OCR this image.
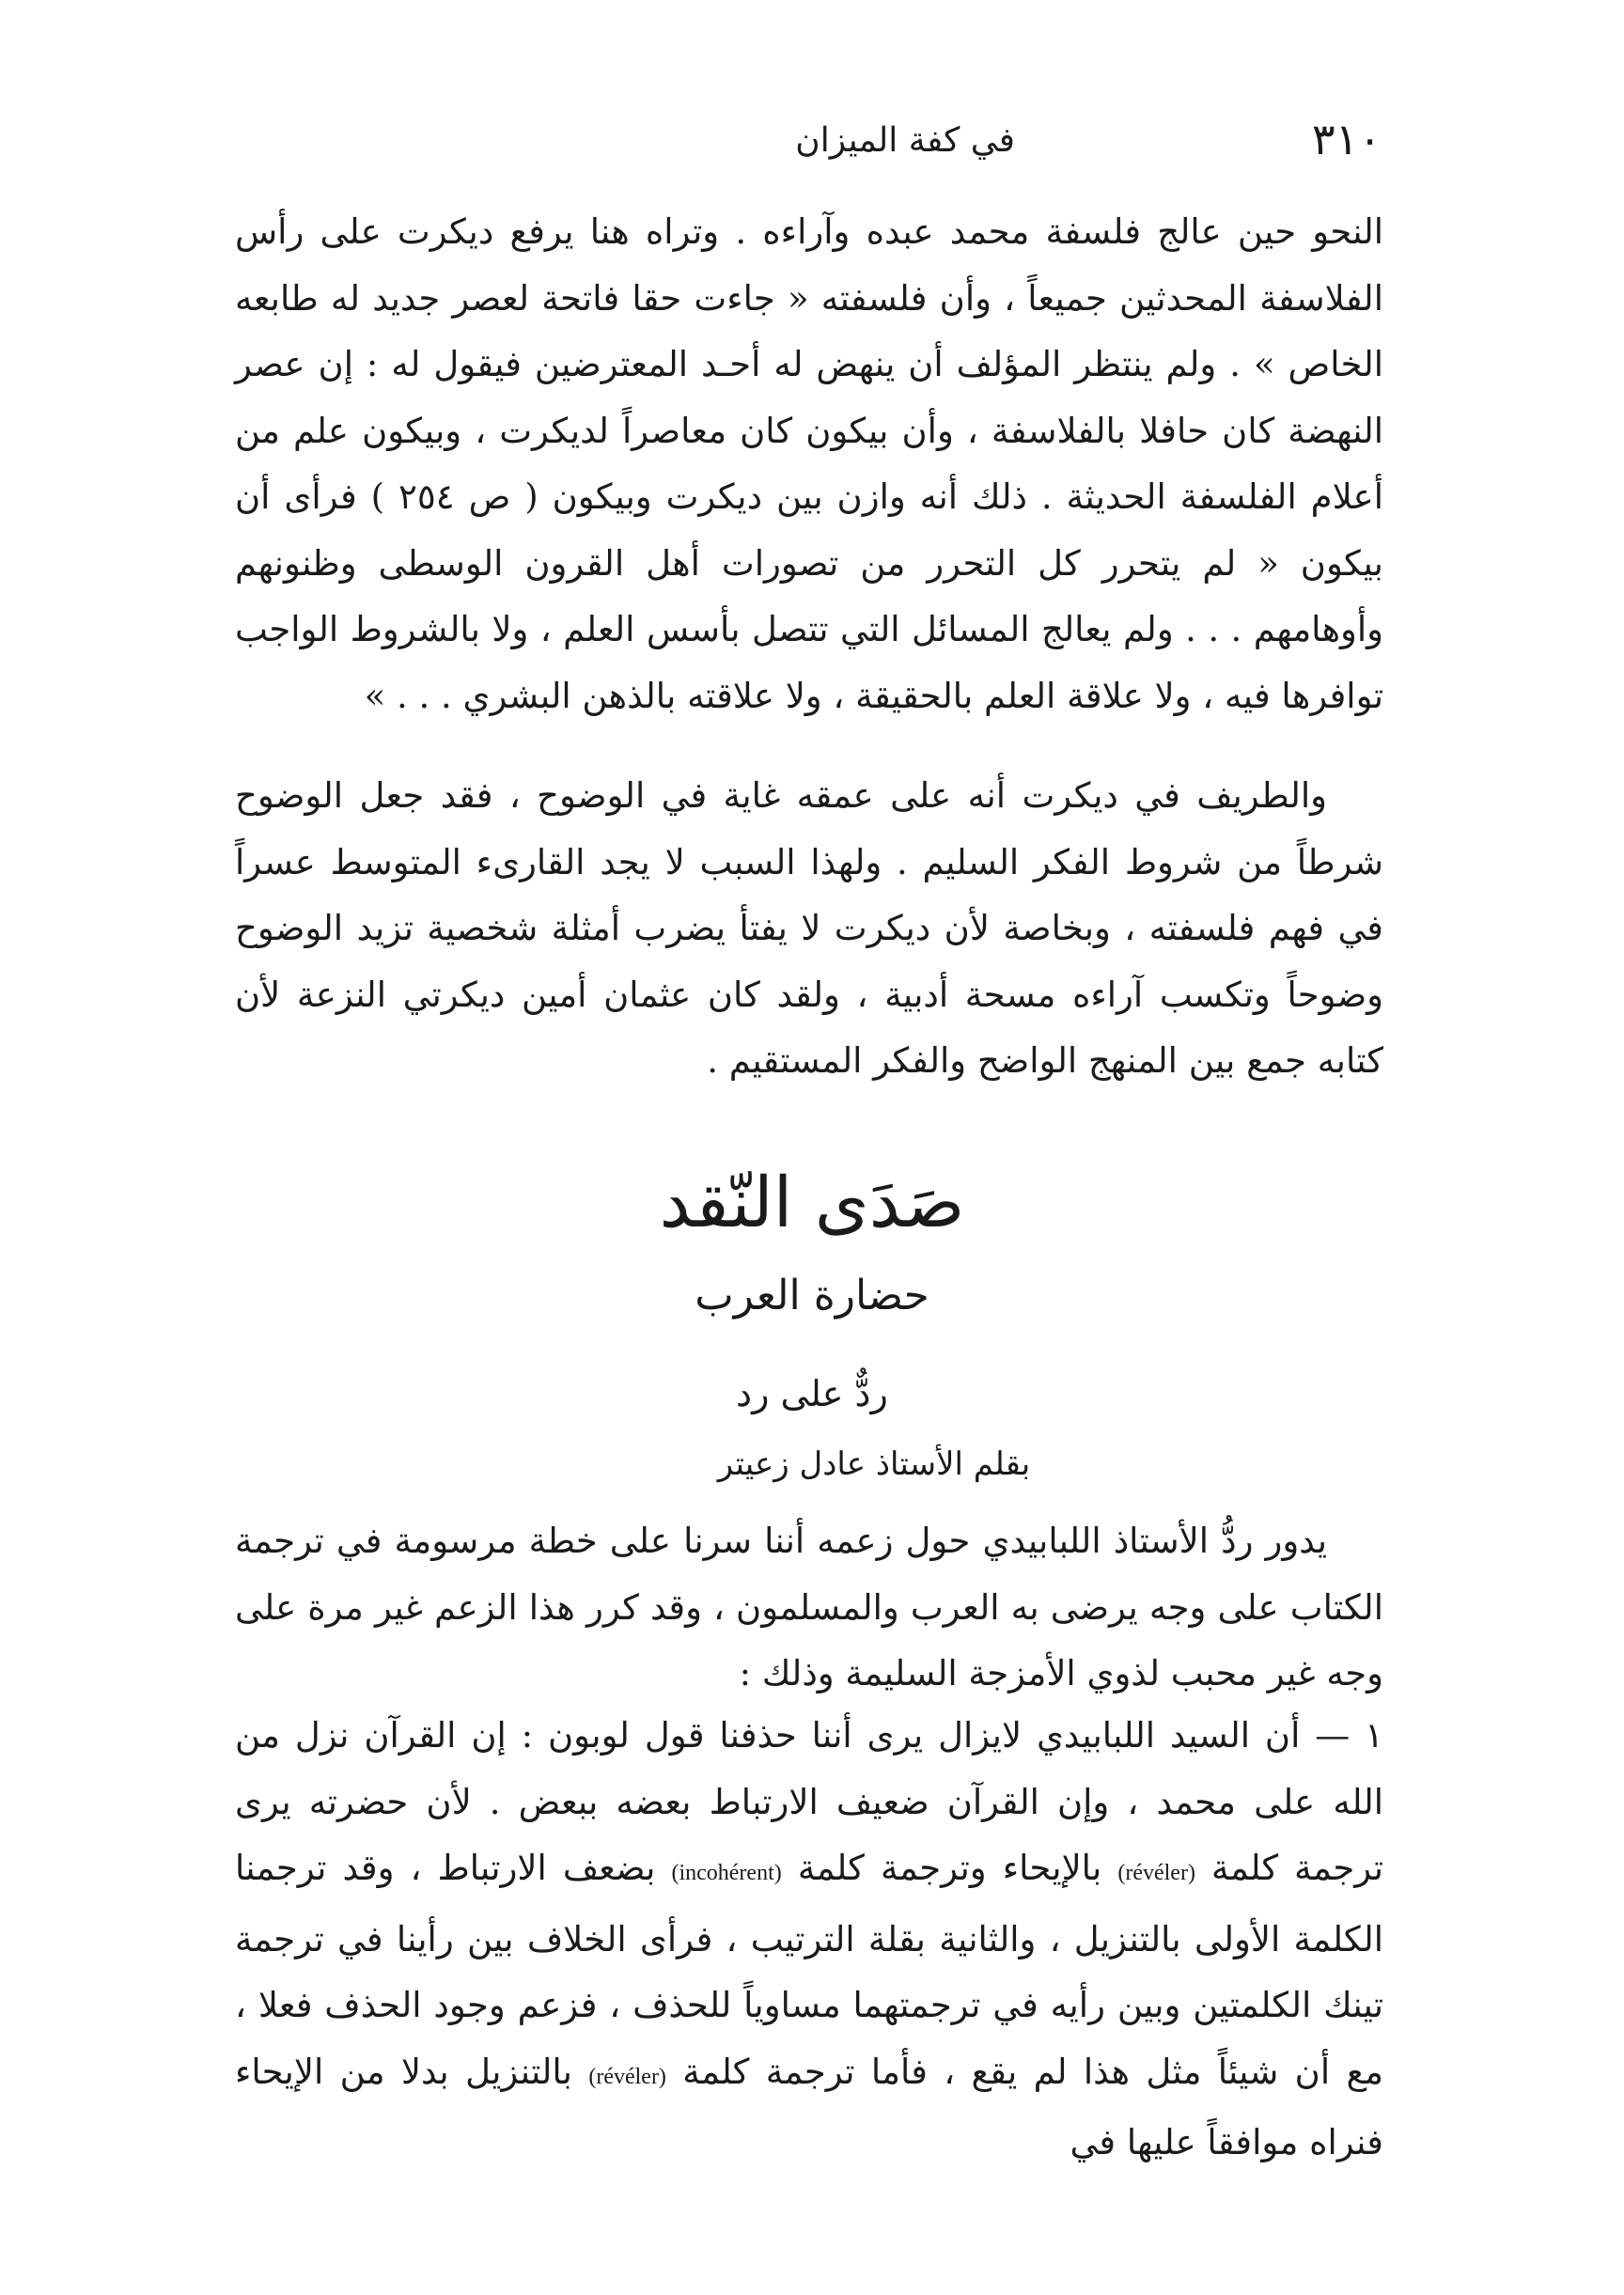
٣١٠
في كفة الميزان

النحو حين عالج فلسفة محمد عبده وآراءه . وتراه هنا يرفع ديكرت على رأس الفلاسفة المحدثين جميعاً ، وأن فلسفته « جاءت حقا فاتحة لعصر جديد له طابعه الخاص » . ولم ينتظر المؤلف أن ينهض له أحـد المعترضين فيقول له : إن عصر النهضة كان حافلا بالفلاسفة ، وأن بيكون كان معاصراً لديكرت ، وبيكون علم من أعلام الفلسفة الحديثة . ذلك أنه وازن بين ديكرت وبيكون ( ص ٢٥٤ ) فرأى أن بيكون « لم يتحرر كل التحرر من تصورات أهل القرون الوسطى وظنونهم وأوهامهم . . . ولم يعالج المسائل التي تتصل بأسس العلم ، ولا بالشروط الواجب توافرها فيه ، ولا علاقة العلم بالحقيقة ، ولا علاقته بالذهن البشري . . . »

والطريف في ديكرت أنه على عمقه غاية في الوضوح ، فقد جعل الوضوح شرطاً من شروط الفكر السليم . ولهذا السبب لا يجد القارىء المتوسط عسراً في فهم فلسفته ، وبخاصة لأن ديكرت لا يفتأ يضرب أمثلة شخصية تزيد الوضوح وضوحاً وتكسب آراءه مسحة أدبية ، ولقد كان عثمان أمين ديكرتي النزعة لأن كتابه جمع بين المنهج الواضح والفكر المستقيم .

صَدَى النّقد
حضارة العرب
ردٌّ على رد
بقلم الأستاذ عادل زعيتر

يدور ردُّ الأستاذ اللبابيدي حول زعمه أننا سرنا على خطة مرسومة في ترجمة الكتاب على وجه يرضى به العرب والمسلمون ، وقد كرر هذا الزعم غير مرة على وجه غير محبب لذوي الأمزجة السليمة وذلك :

١ — أن السيد اللبابيدي لايزال يرى أننا حذفنا قول لوبون : إن القرآن نزل من الله على محمد ، وإن القرآن ضعيف الارتباط بعضه ببعض . لأن حضرته يرى ترجمة كلمة (révéler) بالإيحاء وترجمة كلمة (incohérent) بضعف الارتباط ، وقد ترجمنا الكلمة الأولى بالتنزيل ، والثانية بقلة الترتيب ، فرأى الخلاف بين رأينا في ترجمة تينك الكلمتين وبين رأيه في ترجمتهما مساوياً للحذف ، فزعم وجود الحذف فعلا ، مع أن شيئاً مثل هذا لم يقع ، فأما ترجمة كلمة (révéler) بالتنزيل بدلا من الإيحاء فنراه موافقاً عليها في
